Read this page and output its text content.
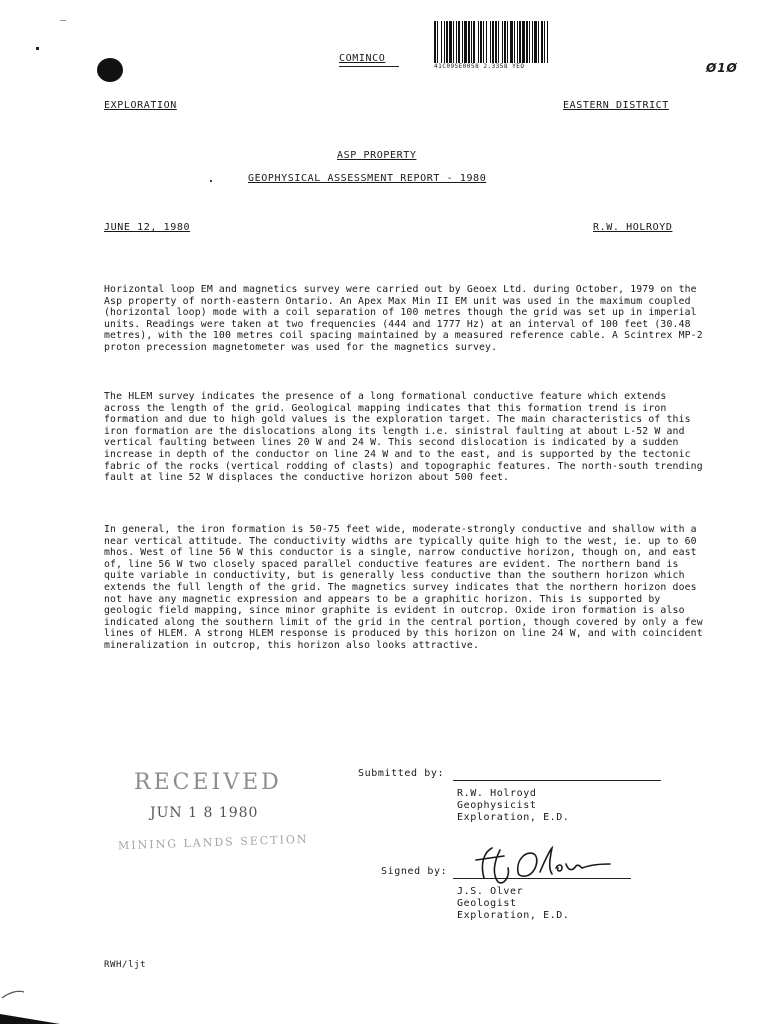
COMINCO
41C09SE0058 2.3358 YEO	Ø1Ø
EXPLORATION	EASTERN DISTRICT
ASP PROPERTY
GEOPHYSICAL ASSESSMENT REPORT - 1980
JUNE 12, 1980	R.W. HOLROYD
Horizontal loop EM and magnetics survey were carried out by Geoex Ltd. during October, 1979 on the Asp property of north-eastern Ontario. An Apex Max Min II EM unit was used in the maximum coupled (horizontal loop) mode with a coil separation of 100 metres though the grid was set up in imperial units. Readings were taken at two frequencies (444 and 1777 Hz) at an interval of 100 feet (30.48 metres), with the 100 metres coil spacing maintained by a measured reference cable. A Scintrex MP-2 proton precession magnetometer was used for the magnetics survey.
The HLEM survey indicates the presence of a long formational conductive feature which extends across the length of the grid. Geological mapping indicates that this formation trend is iron formation and due to high gold values is the exploration target. The main characteristics of this iron formation are the dislocations along its length i.e. sinistral faulting at about L-52 W and vertical faulting between lines 20 W and 24 W. This second dislocation is indicated by a sudden increase in depth of the conductor on line 24 W and to the east, and is supported by the tectonic fabric of the rocks (vertical rodding of clasts) and topographic features. The north-south trending fault at line 52 W displaces the conductive horizon about 500 feet.
In general, the iron formation is 50-75 feet wide, moderate-strongly conductive and shallow with a near vertical attitude. The conductivity widths are typically quite high to the west, ie. up to 60 mhos. West of line 56 W this conductor is a single, narrow conductive horizon, though on, and east of, line 56 W two closely spaced parallel conductive features are evident. The northern band is quite variable in conductivity, but is generally less conductive than the southern horizon which extends the full length of the grid. The magnetics survey indicates that the northern horizon does not have any magnetic expression and appears to be a graphitic horizon. This is supported by geologic field mapping, since minor graphite is evident in outcrop. Oxide iron formation is also indicated along the southern limit of the grid in the central portion, though covered by only a few lines of HLEM. A strong HLEM response is produced by this horizon on line 24 W, and with coincident mineralization in outcrop, this horizon also looks attractive.
RECEIVED
JUN 1 8 1980
MINING LANDS SECTION
Submitted by:
R.W. Holroyd
Geophysicist
Exploration, E.D.
Signed by:
J.S. Olver
Geologist
Exploration, E.D.
RWH/ljt
